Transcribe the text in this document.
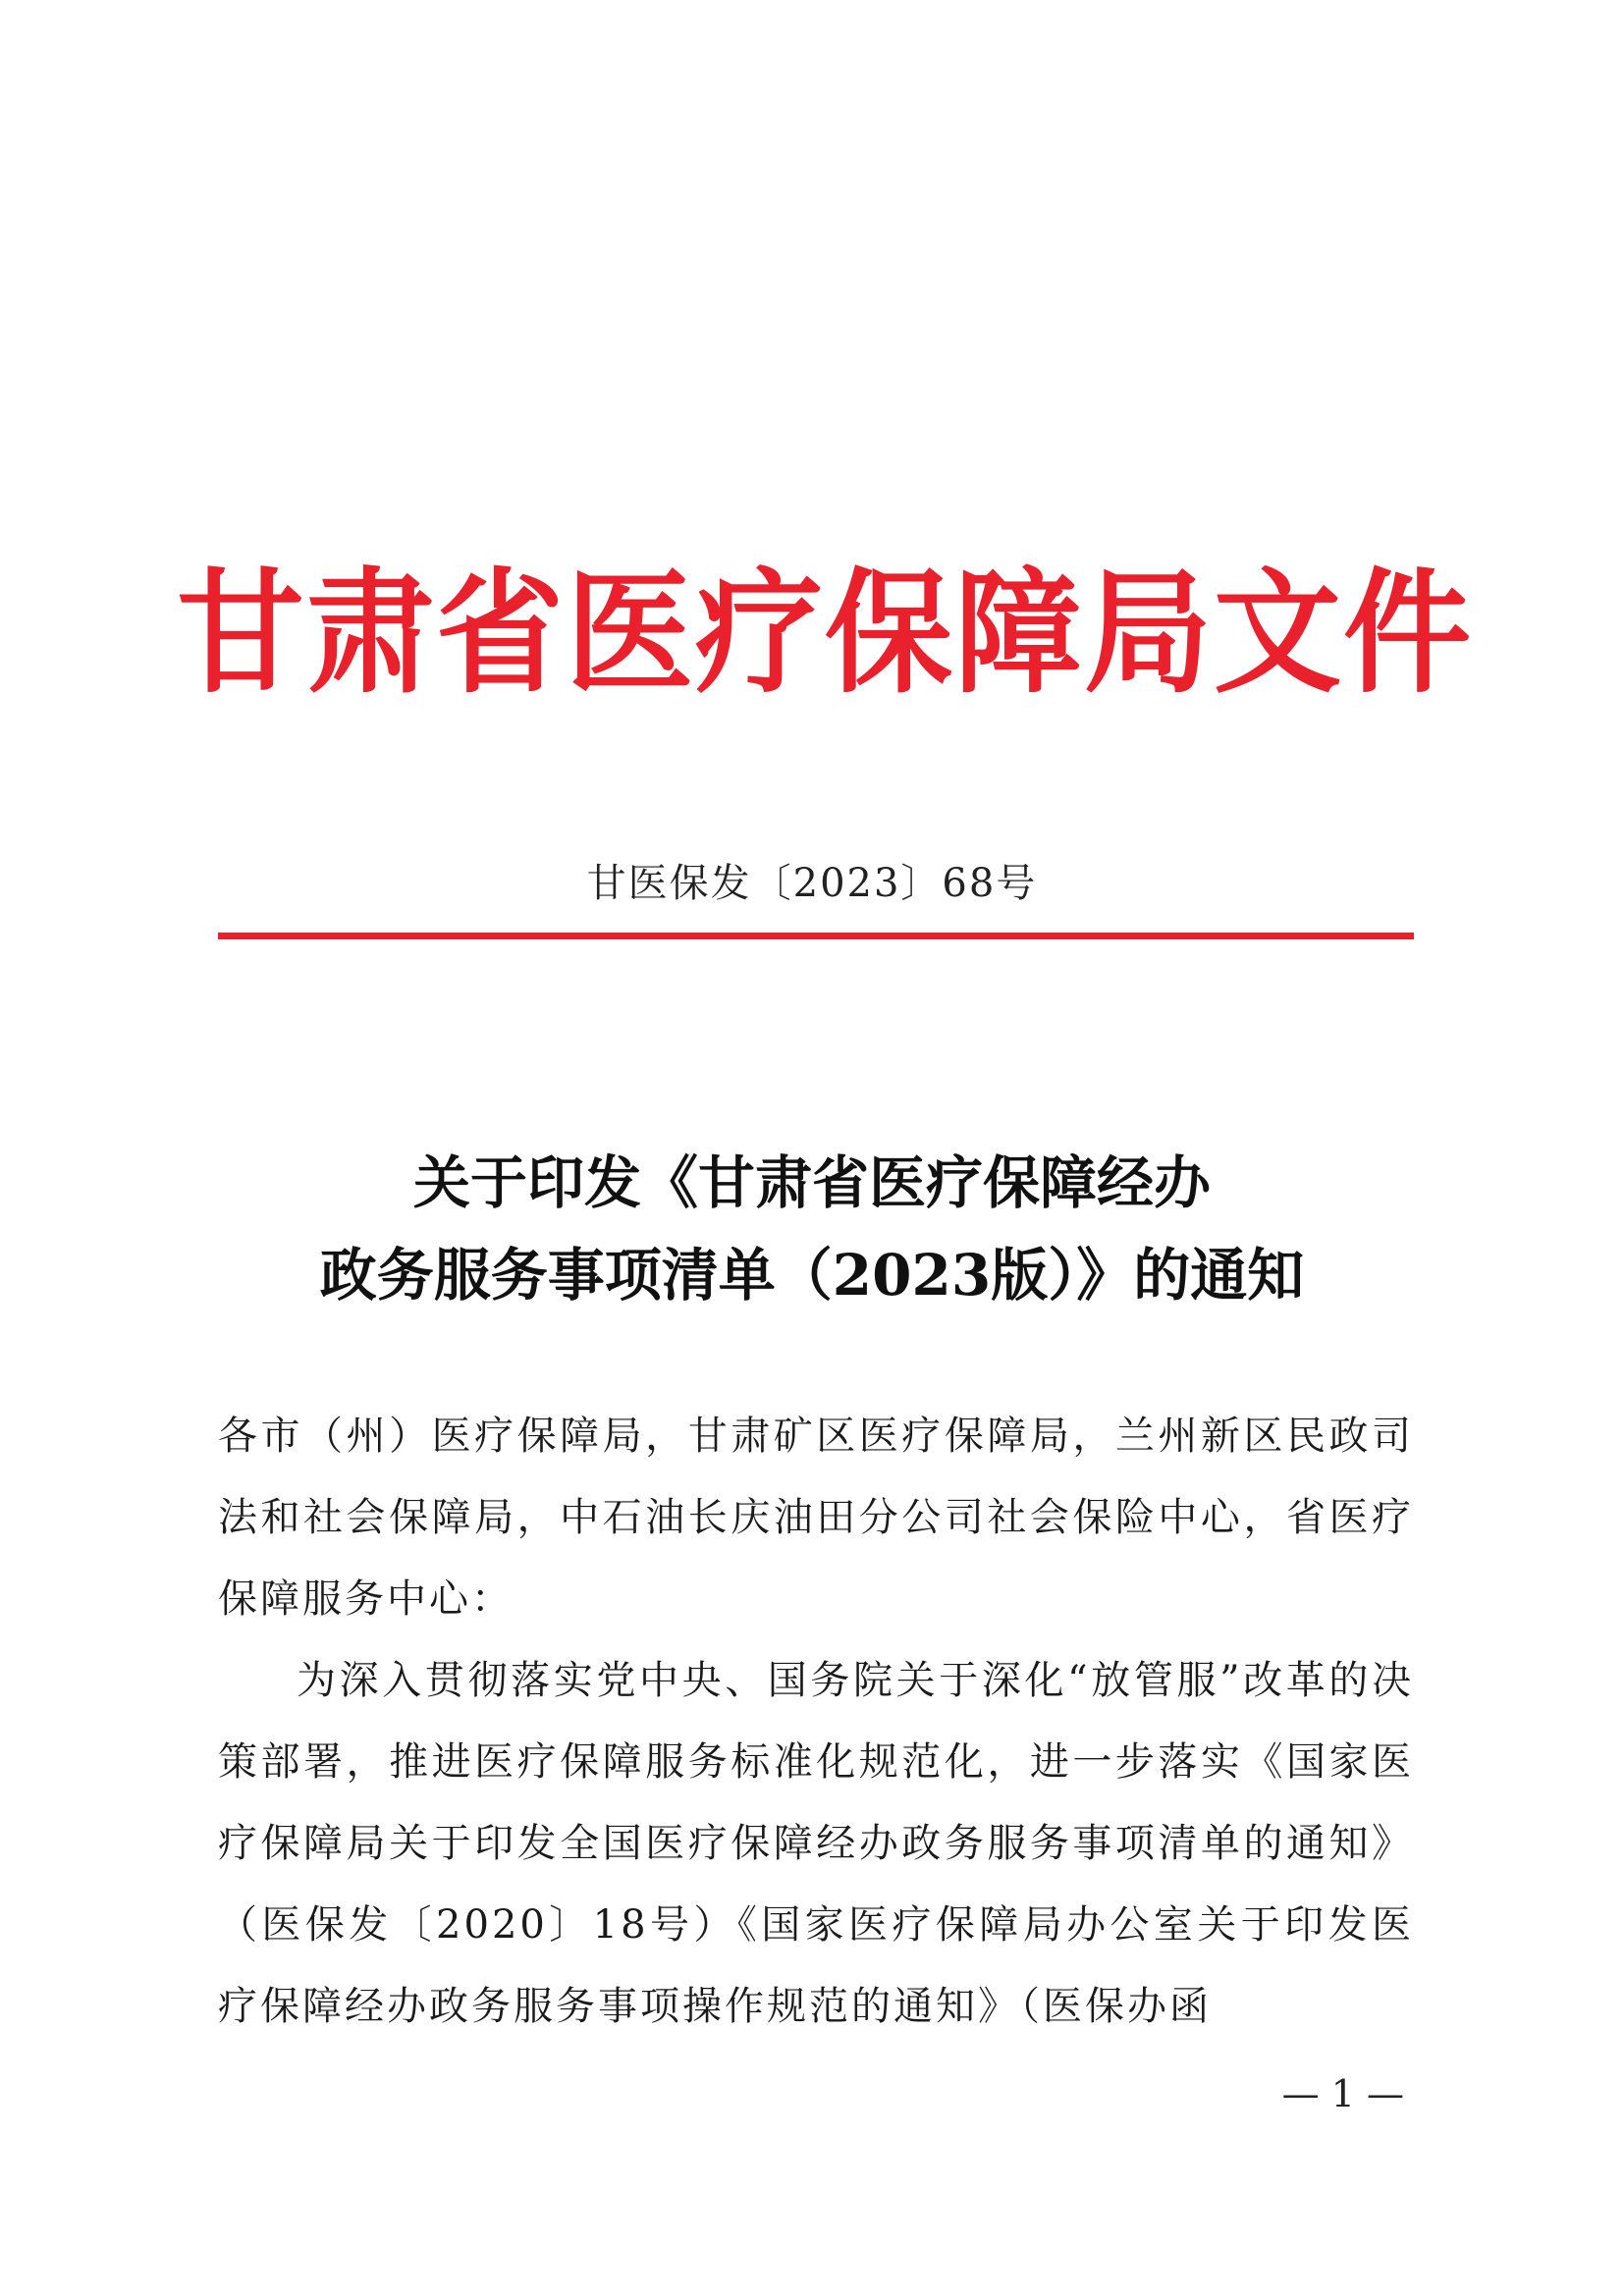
甘肃省医疗保障局文件
甘医保发〔2023〕68号
关于印发《甘肃省医疗保障经办
政务服务事项清单（2023版）》的通知

各市（州）医疗保障局，甘肃矿区医疗保障局，兰州新区民政司法和社会保障局，中石油长庆油田分公司社会保险中心，省医疗保障服务中心：

为深入贯彻落实党中央、国务院关于深化“放管服”改革的决策部署，推进医疗保障服务标准化规范化，进一步落实《国家医疗保障局关于印发全国医疗保障经办政务服务事项清单的通知》（医保发〔2020〕18号）《国家医疗保障局办公室关于印发医疗保障经办政务服务事项操作规范的通知》（医保办函

— 1 —
